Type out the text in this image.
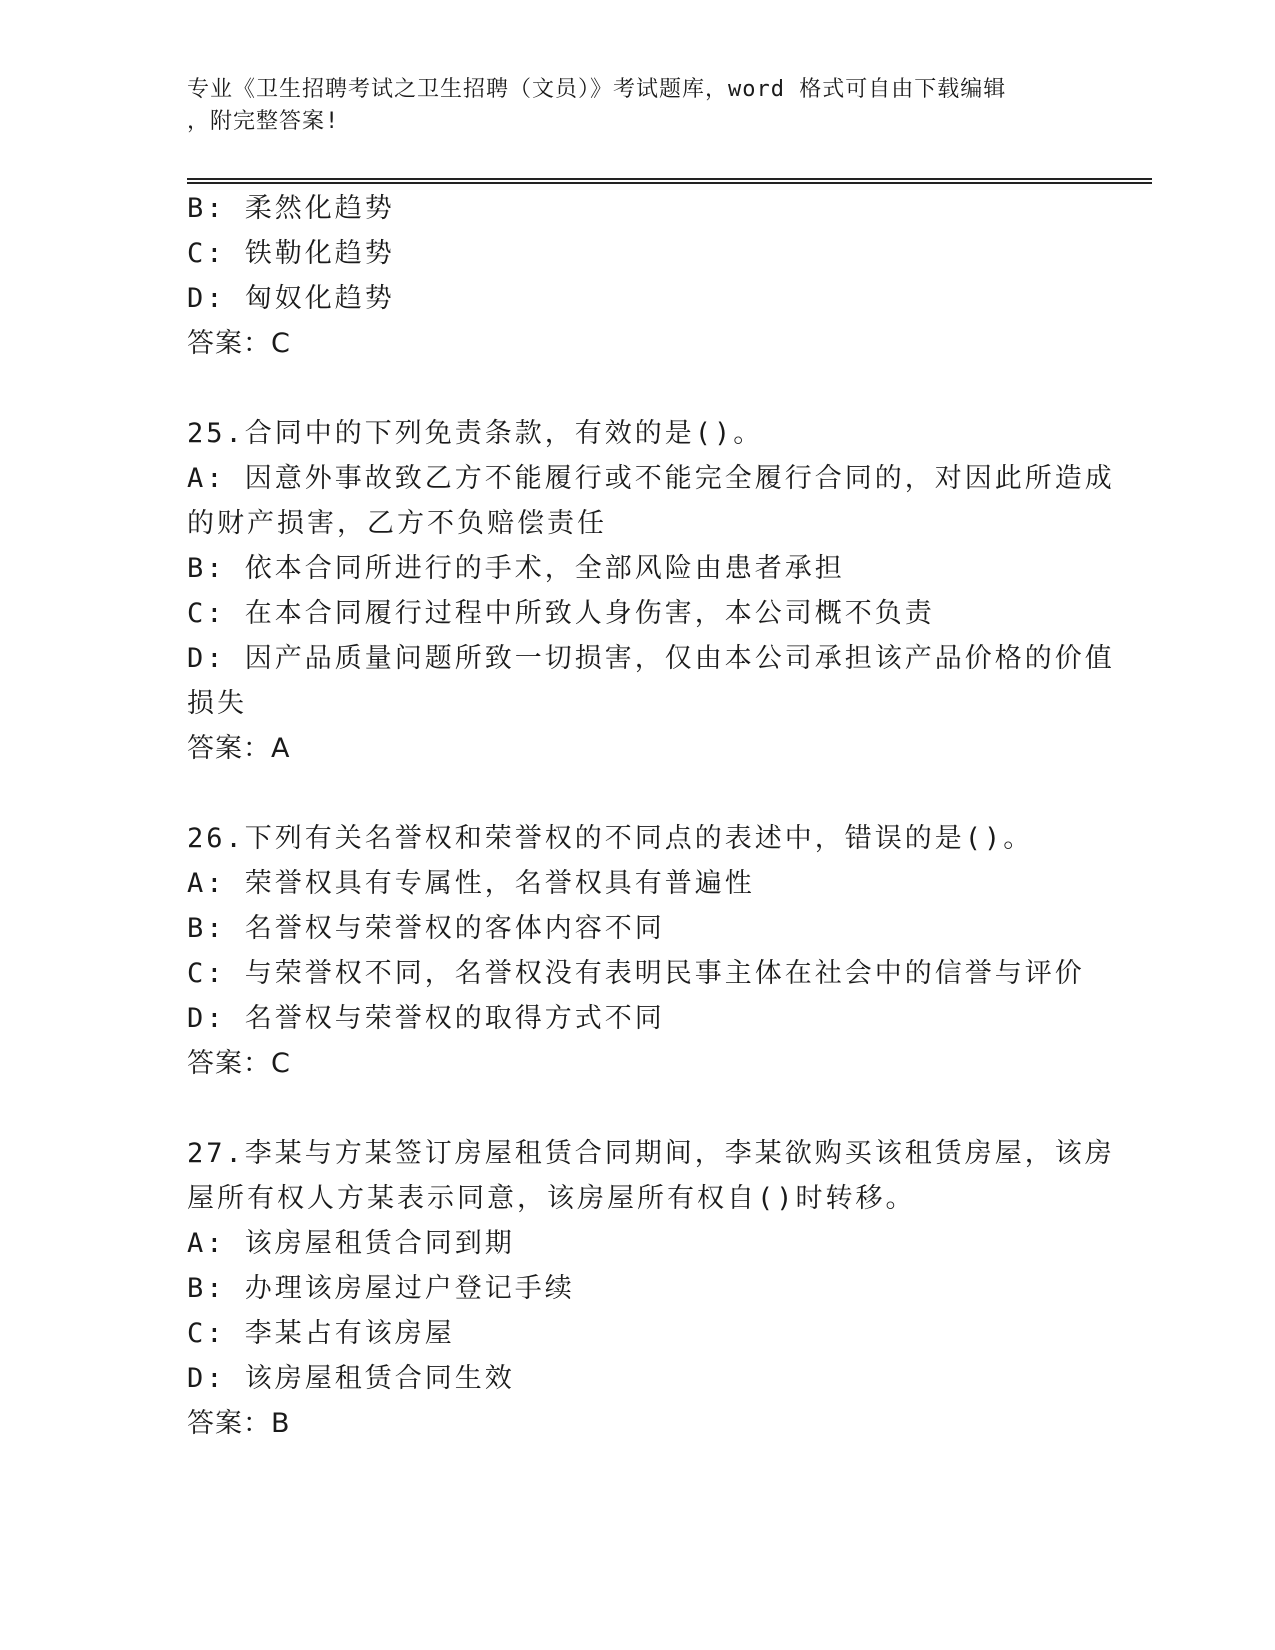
专业《卫生招聘考试之卫生招聘（文员）》考试题库，word 格式可自由下载编辑
，附完整答案!
B: 柔然化趋势
C: 铁勒化趋势
D: 匈奴化趋势
答案：C
25.合同中的下列免责条款，有效的是()。
A: 因意外事故致乙方不能履行或不能完全履行合同的，对因此所造成
的财产损害，乙方不负赔偿责任
B: 依本合同所进行的手术，全部风险由患者承担
C: 在本合同履行过程中所致人身伤害，本公司概不负责
D: 因产品质量问题所致一切损害，仅由本公司承担该产品价格的价值
损失
答案：A
26.下列有关名誉权和荣誉权的不同点的表述中，错误的是()。
A: 荣誉权具有专属性，名誉权具有普遍性
B: 名誉权与荣誉权的客体内容不同
C: 与荣誉权不同，名誉权没有表明民事主体在社会中的信誉与评价
D: 名誉权与荣誉权的取得方式不同
答案：C
27.李某与方某签订房屋租赁合同期间，李某欲购买该租赁房屋，该房
屋所有权人方某表示同意，该房屋所有权自()时转移。
A: 该房屋租赁合同到期
B: 办理该房屋过户登记手续
C: 李某占有该房屋
D: 该房屋租赁合同生效
答案：B
